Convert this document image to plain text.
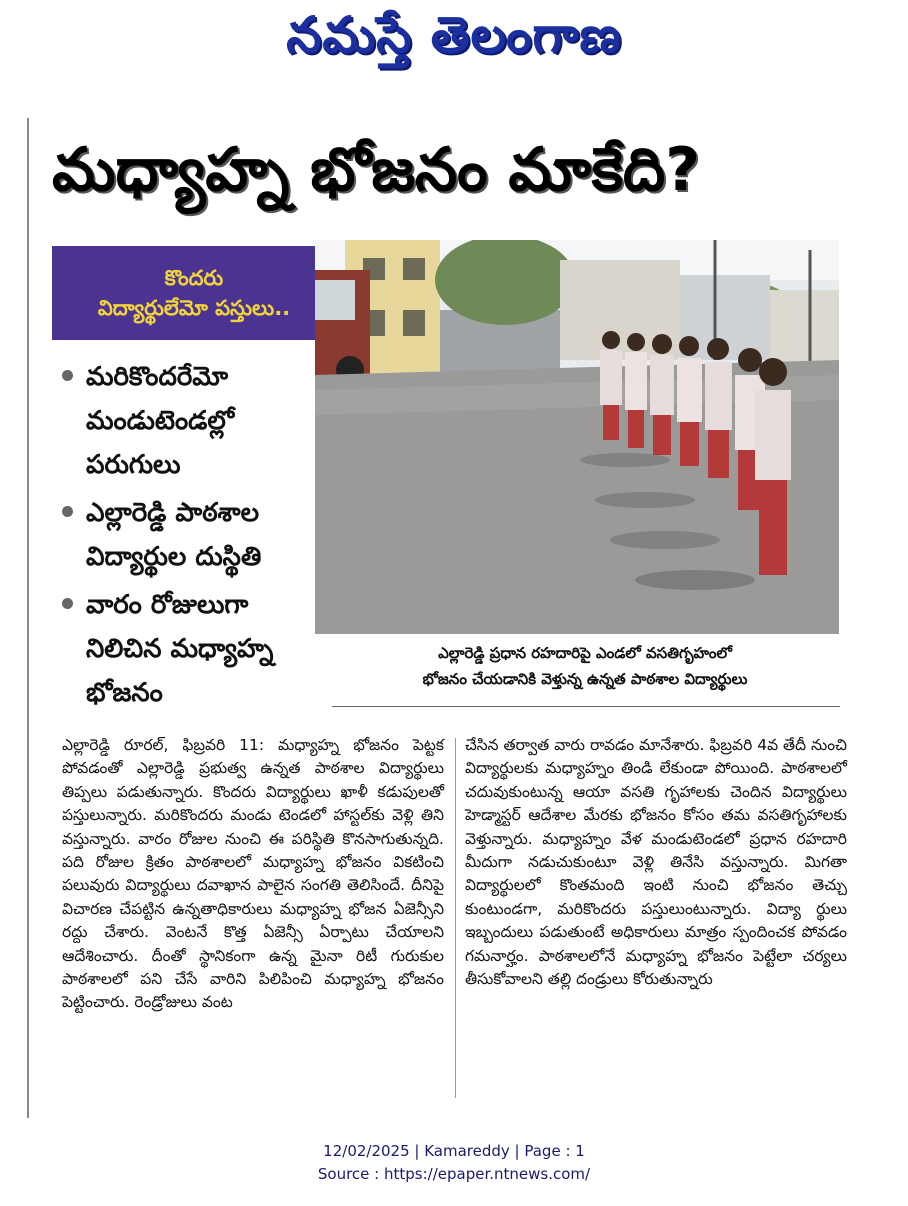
నమస్తే తెలంగాణ
మధ్యాహ్న భోజనం మాకేది?
కొందరు
విద్యార్థులేమో పస్తులు..
మరికొందరేమో మండుటెండల్లో పరుగులు
ఎల్లారెడ్డి పాఠశాల విద్యార్థుల దుస్థితి
వారం రోజులుగా నిలిచిన మధ్యాహ్న భోజనం
ఎల్లారెడ్డి ప్రధాన రహదారిపై ఎండలో వసతిగృహంలో
భోజనం చేయడానికి వెళ్తున్న ఉన్నత పాఠశాల విద్యార్థులు
ఎల్లారెడ్డి రూరల్, ఫిబ్రవరి 11: మధ్యాహ్న భోజనం పెట్టక పోవడంతో ఎల్లారెడ్డి ప్రభుత్వ ఉన్నత పాఠశాల విద్యార్థులు తిప్పలు పడుతున్నారు. కొందరు విద్యార్థులు ఖాళీ కడుపులతో పస్తులున్నారు. మరికొందరు మండు టెండలో హాస్టల్‌కు వెళ్లి తిని వస్తున్నారు. వారం రోజుల నుంచి ఈ పరిస్థితి కొనసాగుతున్నది. పది రోజుల క్రితం పాఠశాలలో మధ్యాహ్న భోజనం వికటించి పలువురు విద్యార్థులు దవాఖాన పాలైన సంగతి తెలిసిందే. దీనిపై విచారణ చేపట్టిన ఉన్నతాధికారులు మధ్యాహ్న భోజన ఏజెన్సీని రద్దు చేశారు. వెంటనే కొత్త ఏజెన్సీ ఏర్పాటు చేయాలని ఆదేశించారు. దీంతో స్థానికంగా ఉన్న మైనా రిటీ గురుకుల పాఠశాలలో పని చేసే వారిని పిలిపించి మధ్యాహ్న భోజనం పెట్టించారు. రెండ్రోజులు వంట
చేసిన తర్వాత వారు రావడం మానేశారు. ఫిబ్రవరి 4వ తేదీ నుంచి విద్యార్థులకు మధ్యాహ్నం తిండి లేకుండా పోయింది. పాఠశాలలో చదువుకుంటున్న ఆయా వసతి గృహాలకు చెందిన విద్యార్థులు హెడ్మాస్టర్ ఆదేశాల మేరకు భోజనం కోసం తమ వసతిగృహాలకు వెళ్తున్నారు. మధ్యాహ్నం వేళ మండుటెండలో ప్రధాన రహదారి మీదుగా నడుచుకుంటూ వెళ్లి తినేసి వస్తున్నారు. మిగతా విద్యార్థులలో కొంతమంది ఇంటి నుంచి భోజనం తెచ్చు కుంటుండగా, మరికొందరు పస్తులుంటున్నారు. విద్యా ర్థులు ఇబ్బందులు పడుతుంటే అధికారులు మాత్రం స్పందించక పోవడం గమనార్హం. పాఠశాలలోనే మధ్యాహ్న భోజనం పెట్టేలా చర్యలు తీసుకోవాలని తల్లి దండ్రులు కోరుతున్నారు
12/02/2025 | Kamareddy | Page : 1
Source : https://epaper.ntnews.com/
